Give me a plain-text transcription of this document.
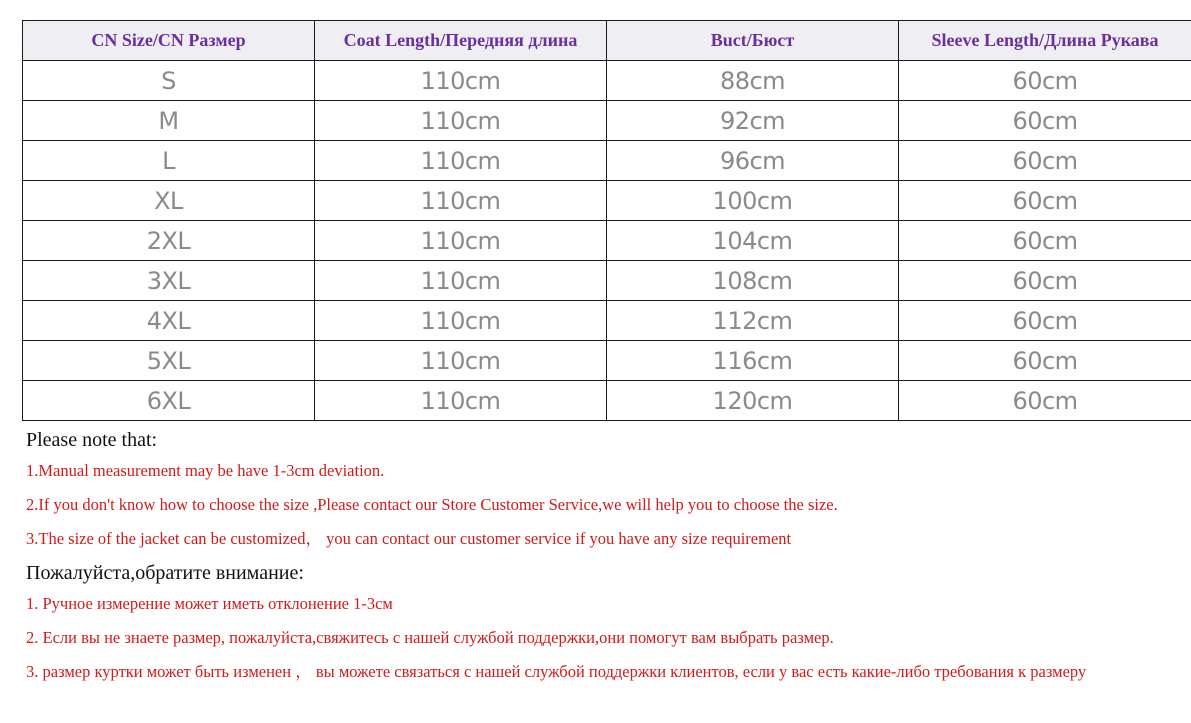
CN Size/CN Размер	Coat Length/Передняя длина	Buct/Бюст	Sleeve Length/Длина Рукава
S	110cm	88cm	60cm
M	110cm	92cm	60cm
L	110cm	96cm	60cm
XL	110cm	100cm	60cm
2XL	110cm	104cm	60cm
3XL	110cm	108cm	60cm
4XL	110cm	112cm	60cm
5XL	110cm	116cm	60cm
6XL	110cm	120cm	60cm

Please note that:

1.Manual measurement may be have 1-3cm deviation.

2.If you don't know how to choose the size ,Please contact our Store Customer Service,we will help you to choose the size.

3.The size of the jacket can be customized， you can contact our customer service if you have any size requirement

Пожалуйста,обратите внимание:

1. Ручное измерение может иметь отклонение 1-3см

2. Если вы не знаете размер, пожалуйста,свяжитесь с нашей службой поддержки,они помогут вам выбрать размер.

3. размер куртки может быть изменен ， вы можете связаться с нашей службой поддержки клиентов, если у вас есть какие-либо требования к размеру
